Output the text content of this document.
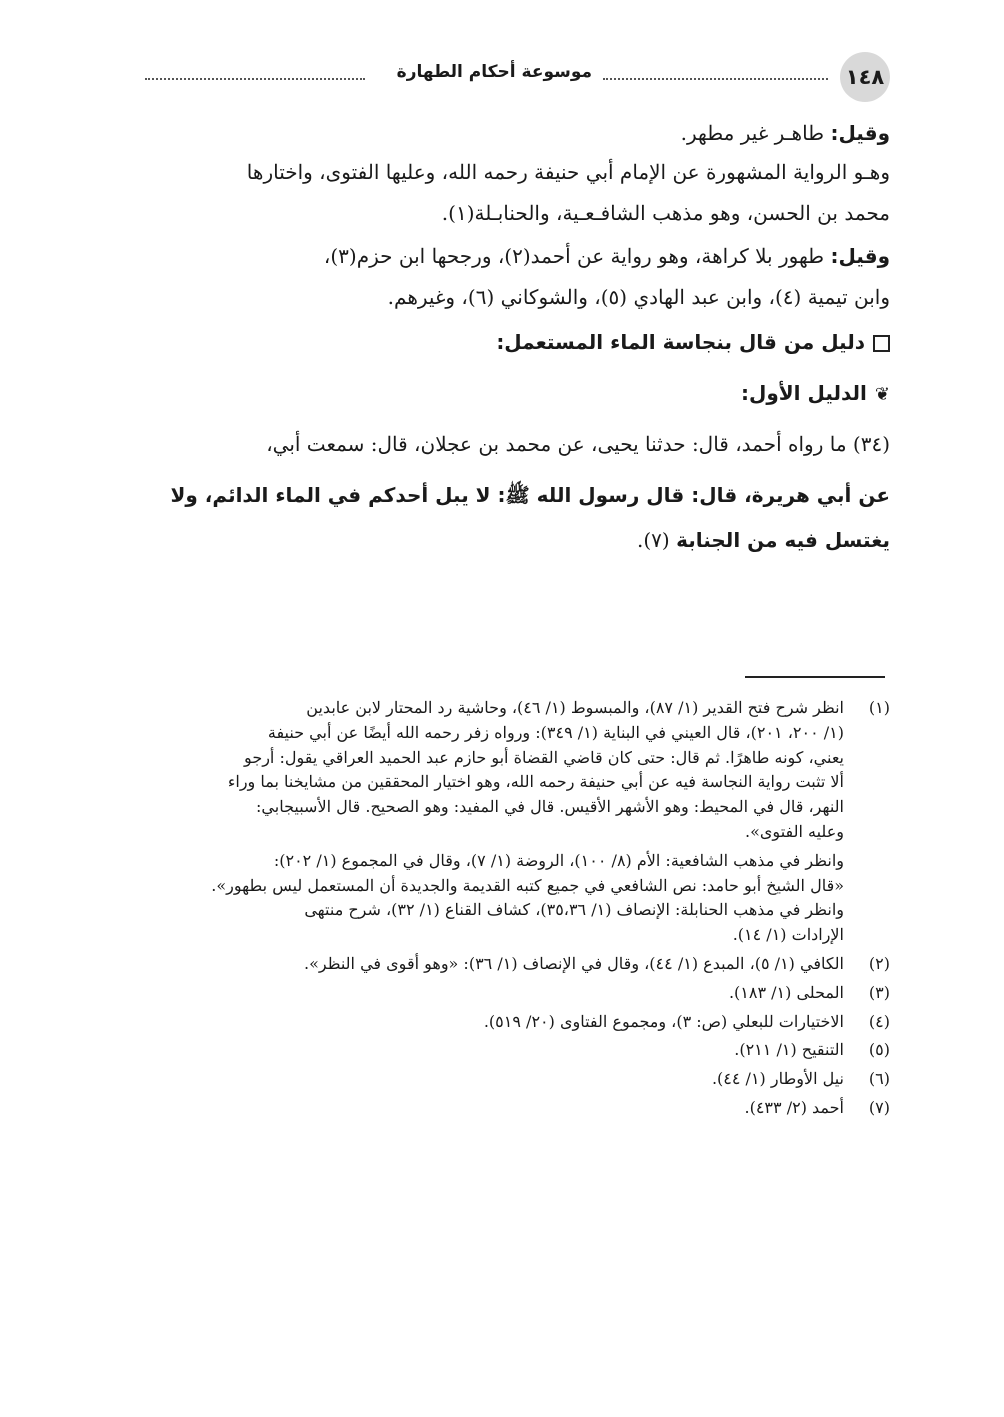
١٤٨
موسوعة أحكام الطهارة

وقيل: طاهـر غير مطهر.

وهـو الرواية المشهورة عن الإمام أبي حنيفة رحمه الله، وعليها الفتوى، واختارها

محمد بن الحسن، وهو مذهب الشافـعـية، والحنابـلة(١).

وقيل: طهور بلا كراهة، وهو رواية عن أحمد(٢)، ورجحها ابن حزم(٣)،

وابن تيمية (٤)، وابن عبد الهادي (٥)، والشوكاني (٦)، وغيرهم.

دليل من قال بنجاسة الماء المستعمل:

❦الدليل الأول:

(٣٤) ما رواه أحمد، قال: حدثنا يحيى، عن محمد بن عجلان، قال: سمعت أبي،

عن أبي هريرة، قال: قال رسول الله ﷺ: لا يبل أحدكم في الماء الدائم، ولا

يغتسل فيه من الجنابة (٧).

(١)

انظر شرح فتح القدير (١/ ٨٧)، والمبسوط (١/ ٤٦)، وحاشية رد المحتار لابن عابدين

(١/ ٢٠٠، ٢٠١)، قال العيني في البناية (١/ ٣٤٩): ورواه زفر رحمه الله أيضًا عن أبي حنيفة

يعني، كونه طاهرًا. ثم قال: حتى كان قاضي القضاة أبو حازم عبد الحميد العراقي يقول: أرجو

ألا تثبت رواية النجاسة فيه عن أبي حنيفة رحمه الله، وهو اختيار المحققين من مشايخنا بما وراء

النهر، قال في المحيط: وهو الأشهر الأقيس. قال في المفيد: وهو الصحيح. قال الأسبيجابي:

وعليه الفتوى».

وانظر في مذهب الشافعية: الأم (٨/ ١٠٠)، الروضة (١/ ٧)، وقال في المجموع (١/ ٢٠٢):

«قال الشيخ أبو حامد: نص الشافعي في جميع كتبه القديمة والجديدة أن المستعمل ليس بطهور».

وانظر في مذهب الحنابلة: الإنصاف (١/ ٣٥،٣٦)، كشاف القناع (١/ ٣٢)، شرح منتهى

الإرادات (١/ ١٤).

(٢)
الكافي (١/ ٥)، المبدع (١/ ٤٤)، وقال في الإنصاف (١/ ٣٦): «وهو أقوى في النظر».
(٣)
المحلى (١/ ١٨٣).
(٤)
الاختيارات للبعلي (ص: ٣)، ومجموع الفتاوى (٢٠/ ٥١٩).
(٥)
التنقيح (١/ ٢١١).
(٦)
نيل الأوطار (١/ ٤٤).
(٧)
أحمد (٢/ ٤٣٣).
